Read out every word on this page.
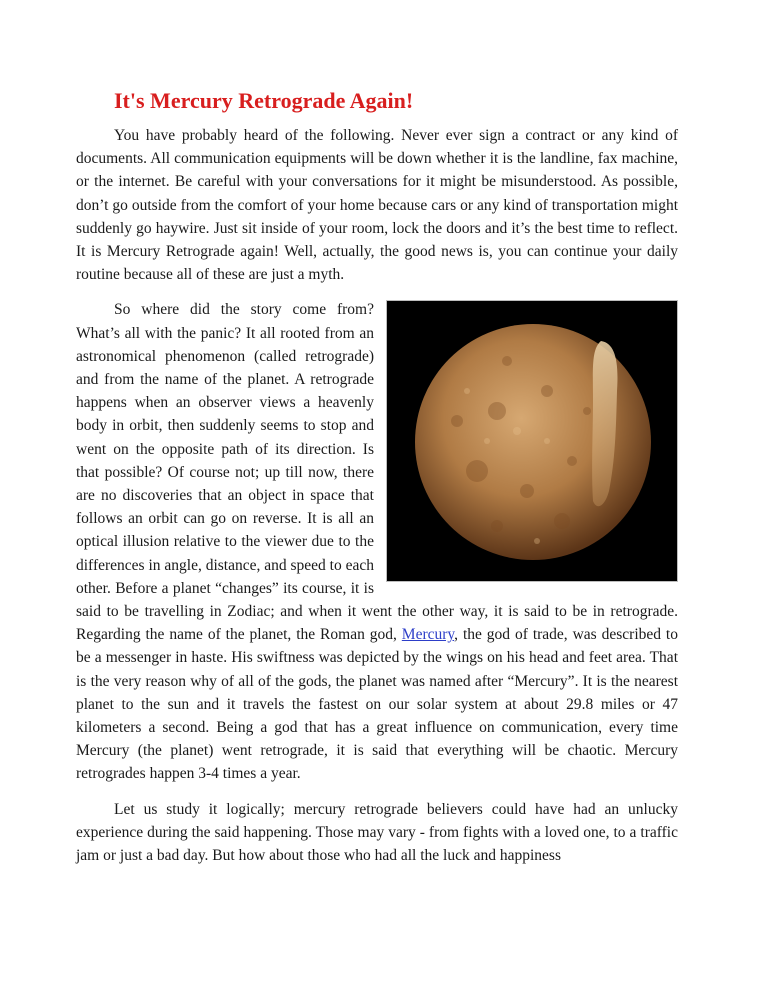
It's Mercury Retrograde Again!

You have probably heard of the following. Never ever sign a contract or any kind of documents. All communication equipments will be down whether it is the landline, fax machine, or the internet. Be careful with your conversations for it might be misunderstood. As possible, don’t go outside from the comfort of your home because cars or any kind of transportation might suddenly go haywire. Just sit inside of your room, lock the doors and it’s the best time to reflect. It is Mercury Retrograde again! Well, actually, the good news is, you can continue your daily routine because all of these are just a myth.

So where did the story come from? What’s all with the panic? It all rooted from an astronomical phenomenon (called retrograde) and from the name of the planet. A retrograde happens when an observer views a heavenly body in orbit, then suddenly seems to stop and went on the opposite path of its direction. Is that possible? Of course not; up till now, there are no discoveries that an object in space that follows an orbit can go on reverse. It is all an optical illusion relative to the viewer due to the differences in angle, distance, and speed to each other. Before a planet “changes” its course, it is said to be travelling in Zodiac; and when it went the other way, it is said to be in retrograde. Regarding the name of the planet, the Roman god, Mercury, the god of trade, was described to be a messenger in haste. His swiftness was depicted by the wings on his head and feet area. That is the very reason why of all of the gods, the planet was named after “Mercury”. It is the nearest planet to the sun and it travels the fastest on our solar system at about 29.8 miles or 47 kilometers a second. Being a god that has a great influence on communication, every time Mercury (the planet) went retrograde, it is said that everything will be chaotic. Mercury retrogrades happen 3-4 times a year.

Let us study it logically; mercury retrograde believers could have had an unlucky experience during the said happening. Those may vary - from fights with a loved one, to a traffic jam or just a bad day. But how about those who had all the luck and happiness
